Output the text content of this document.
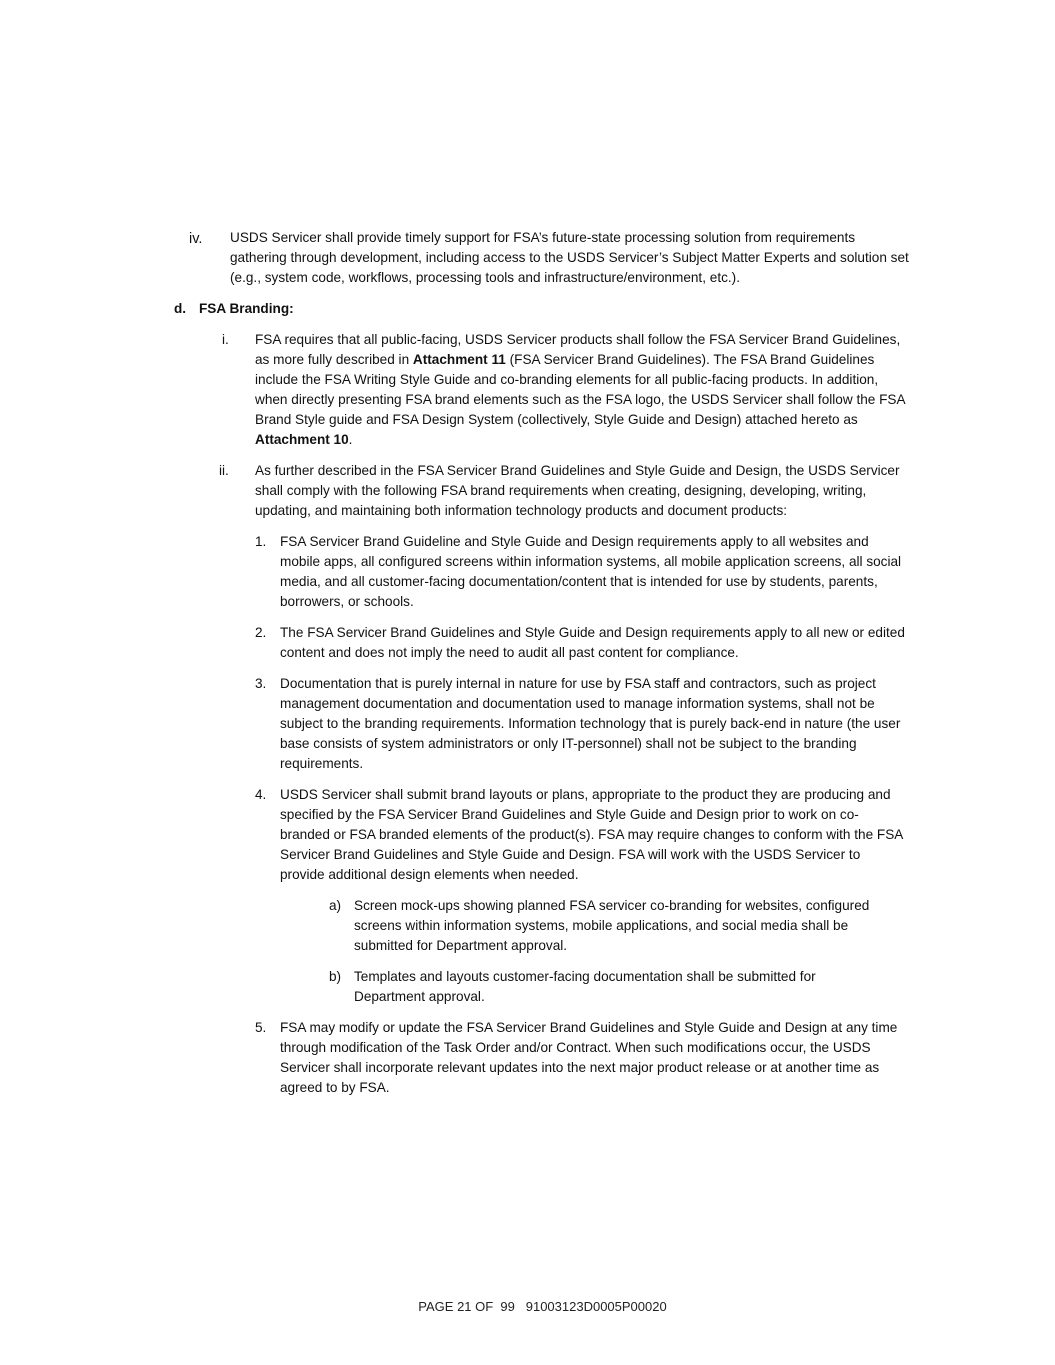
iv. USDS Servicer shall provide timely support for FSA’s future-state processing solution from requirements gathering through development, including access to the USDS Servicer’s Subject Matter Experts and solution set (e.g., system code, workflows, processing tools and infrastructure/environment, etc.).
d. FSA Branding:
i. FSA requires that all public-facing, USDS Servicer products shall follow the FSA Servicer Brand Guidelines, as more fully described in Attachment 11 (FSA Servicer Brand Guidelines). The FSA Brand Guidelines include the FSA Writing Style Guide and co-branding elements for all public-facing products. In addition, when directly presenting FSA brand elements such as the FSA logo, the USDS Servicer shall follow the FSA Brand Style guide and FSA Design System (collectively, Style Guide and Design) attached hereto as Attachment 10.
ii. As further described in the FSA Servicer Brand Guidelines and Style Guide and Design, the USDS Servicer shall comply with the following FSA brand requirements when creating, designing, developing, writing, updating, and maintaining both information technology products and document products:
1. FSA Servicer Brand Guideline and Style Guide and Design requirements apply to all websites and mobile apps, all configured screens within information systems, all mobile application screens, all social media, and all customer-facing documentation/content that is intended for use by students, parents, borrowers, or schools.
2. The FSA Servicer Brand Guidelines and Style Guide and Design requirements apply to all new or edited content and does not imply the need to audit all past content for compliance.
3. Documentation that is purely internal in nature for use by FSA staff and contractors, such as project management documentation and documentation used to manage information systems, shall not be subject to the branding requirements. Information technology that is purely back-end in nature (the user base consists of system administrators or only IT-personnel) shall not be subject to the branding requirements.
4. USDS Servicer shall submit brand layouts or plans, appropriate to the product they are producing and specified by the FSA Servicer Brand Guidelines and Style Guide and Design prior to work on co-branded or FSA branded elements of the product(s). FSA may require changes to conform with the FSA Servicer Brand Guidelines and Style Guide and Design. FSA will work with the USDS Servicer to provide additional design elements when needed.
a) Screen mock-ups showing planned FSA servicer co-branding for websites, configured screens within information systems, mobile applications, and social media shall be submitted for Department approval.
b) Templates and layouts customer-facing documentation shall be submitted for Department approval.
5. FSA may modify or update the FSA Servicer Brand Guidelines and Style Guide and Design at any time through modification of the Task Order and/or Contract. When such modifications occur, the USDS Servicer shall incorporate relevant updates into the next major product release or at another time as agreed to by FSA.
PAGE 21 OF  99 91003123D0005P00020
